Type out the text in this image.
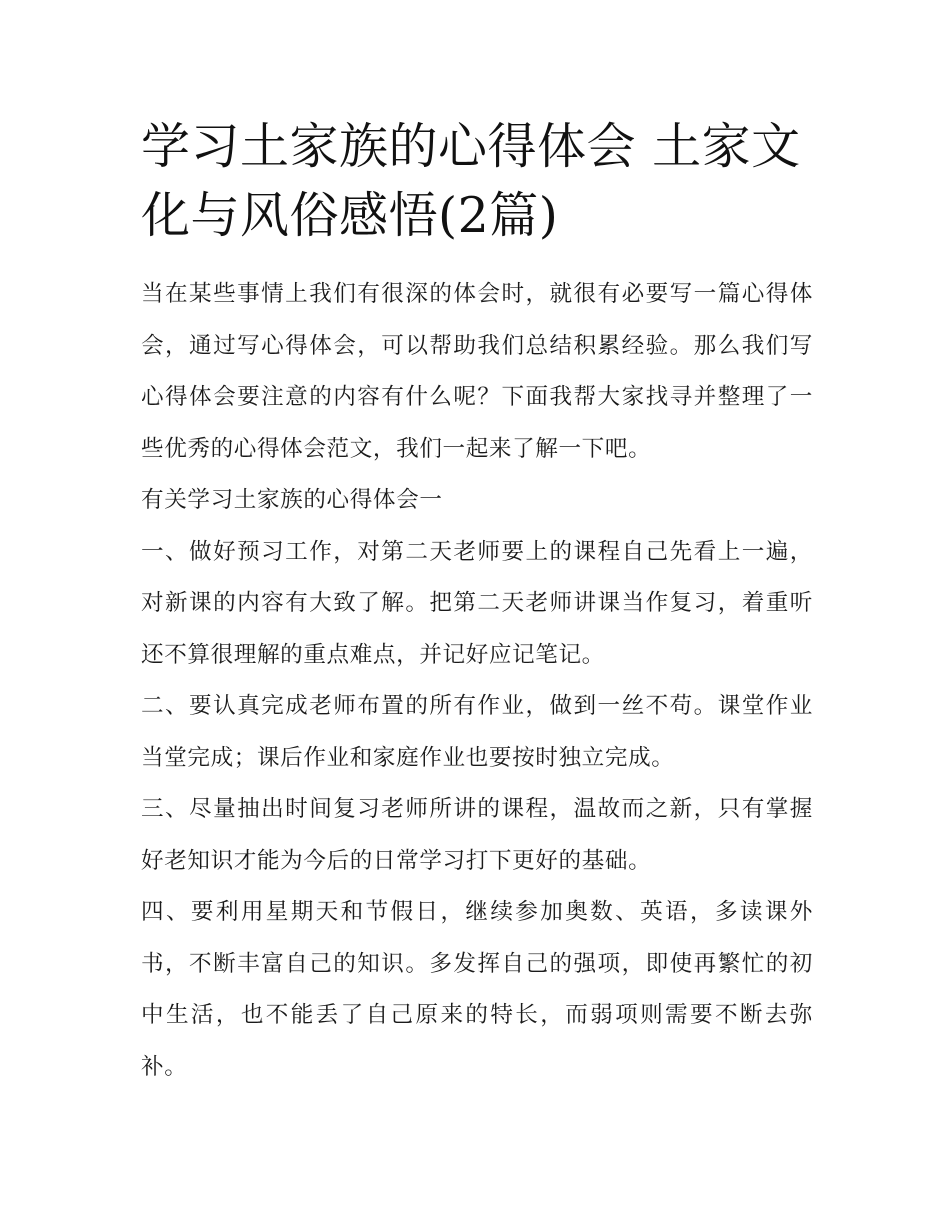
学习土家族的心得体会 土家文化与风俗感悟(2篇)

当在某些事情上我们有很深的体会时，就很有必要写一篇心得体会，通过写心得体会，可以帮助我们总结积累经验。那么我们写心得体会要注意的内容有什么呢？下面我帮大家找寻并整理了一些优秀的心得体会范文，我们一起来了解一下吧。

有关学习土家族的心得体会一

一、做好预习工作，对第二天老师要上的课程自己先看上一遍，对新课的内容有大致了解。把第二天老师讲课当作复习，着重听还不算很理解的重点难点，并记好应记笔记。

二、要认真完成老师布置的所有作业，做到一丝不苟。课堂作业当堂完成；课后作业和家庭作业也要按时独立完成。

三、尽量抽出时间复习老师所讲的课程，温故而之新，只有掌握好老知识才能为今后的日常学习打下更好的基础。

四、要利用星期天和节假日，继续参加奥数、英语，多读课外书，不断丰富自己的知识。多发挥自己的强项，即使再繁忙的初中生活，也不能丢了自己原来的特长，而弱项则需要不断去弥补。
